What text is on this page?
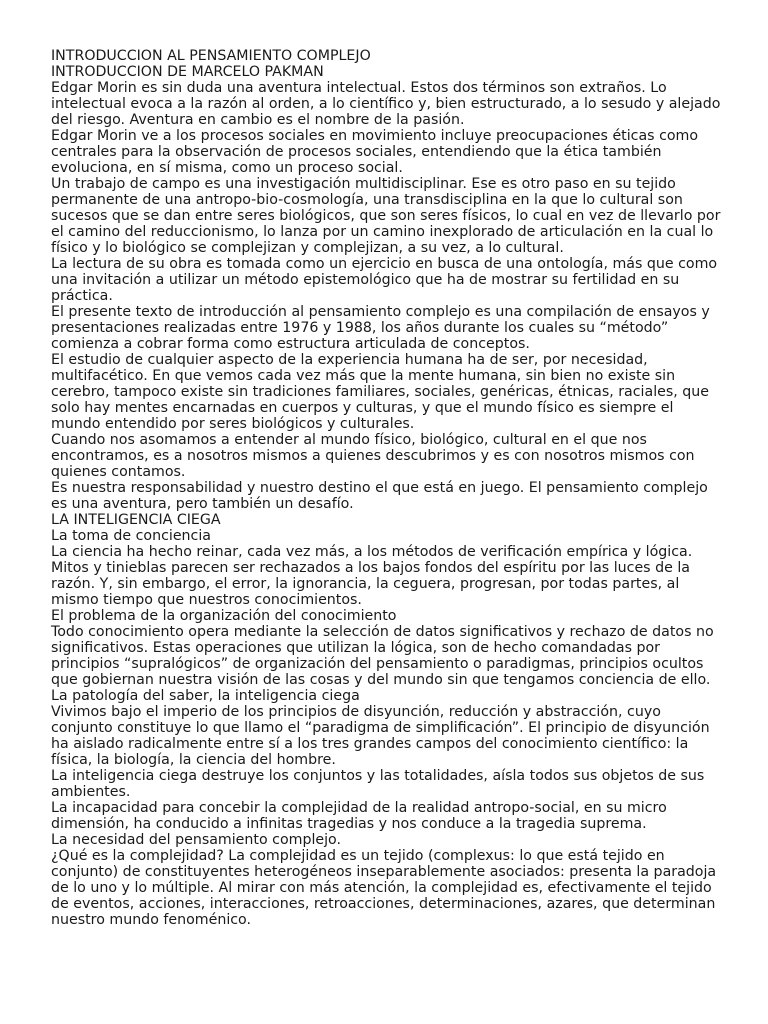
INTRODUCCION AL PENSAMIENTO COMPLEJO

INTRODUCCION DE MARCELO PAKMAN

Edgar Morin es sin duda una aventura intelectual. Estos dos términos son extraños. Lo intelectual evoca a la razón al orden, a lo científico y, bien estructurado, a lo sesudo y alejado del riesgo. Aventura en cambio es el nombre de la pasión.

Edgar Morin ve a los procesos sociales en movimiento incluye preocupaciones éticas como centrales para la observación de procesos sociales, entendiendo que la ética también evoluciona, en sí misma, como un proceso social.

Un trabajo de campo es una investigación multidisciplinar. Ese es otro paso en su tejido permanente de una antropo-bio-cosmología, una transdisciplina en la que lo cultural son sucesos que se dan entre seres biológicos, que son seres físicos, lo cual en vez de llevarlo por el camino del reduccionismo, lo lanza por un camino inexplorado de articulación en la cual lo físico y lo biológico se complejizan y complejizan, a su vez, a lo cultural.

La lectura de su obra es tomada como un ejercicio en busca de una ontología, más que como una invitación a utilizar un método epistemológico que ha de mostrar su fertilidad en su práctica.

El presente texto de introducción al pensamiento complejo es una compilación de ensayos y presentaciones realizadas entre 1976 y 1988, los años durante los cuales su “método” comienza a cobrar forma como estructura articulada de conceptos.

El estudio de cualquier aspecto de la experiencia humana ha de ser, por necesidad, multifacético. En que vemos cada vez más que la mente humana, sin bien no existe sin cerebro, tampoco existe sin tradiciones familiares, sociales, genéricas, étnicas, raciales, que solo hay mentes encarnadas en cuerpos y culturas, y que el mundo físico es siempre el mundo entendido por seres biológicos y culturales.

Cuando nos asomamos a entender al mundo físico, biológico, cultural en el que nos encontramos, es a nosotros mismos a quienes descubrimos y es con nosotros mismos con quienes contamos.

Es nuestra responsabilidad y nuestro destino el que está en juego. El pensamiento complejo es una aventura, pero también un desafío.

LA INTELIGENCIA CIEGA

La toma de conciencia

La ciencia ha hecho reinar, cada vez más, a los métodos de verificación empírica y lógica. Mitos y tinieblas parecen ser rechazados a los bajos fondos del espíritu por las luces de la razón. Y, sin embargo, el error, la ignorancia, la ceguera, progresan, por todas partes, al mismo tiempo que nuestros conocimientos.

El problema de la organización del conocimiento

Todo conocimiento opera mediante la selección de datos significativos y rechazo de datos no significativos. Estas operaciones que utilizan la lógica, son de hecho comandadas por principios “supralógicos” de organización del pensamiento o paradigmas, principios ocultos que gobiernan nuestra visión de las cosas y del mundo sin que tengamos conciencia de ello.

La patología del saber, la inteligencia ciega

Vivimos bajo el imperio de los principios de disyunción, reducción y abstracción, cuyo conjunto constituye lo que llamo el “paradigma de simplificación”. El principio de disyunción ha aislado radicalmente entre sí a los tres grandes campos del conocimiento científico: la física, la biología, la ciencia del hombre.

La inteligencia ciega destruye los conjuntos y las totalidades, aísla todos sus objetos de sus ambientes.

La incapacidad para concebir la complejidad de la realidad antropo-social, en su micro dimensión, ha conducido a infinitas tragedias y nos conduce a la tragedia suprema.

La necesidad del pensamiento complejo.

¿Qué es la complejidad? La complejidad es un tejido (complexus: lo que está tejido en conjunto) de constituyentes heterogéneos inseparablemente asociados: presenta la paradoja de lo uno y lo múltiple. Al mirar con más atención, la complejidad es, efectivamente el tejido de eventos, acciones, interacciones, retroacciones, determinaciones, azares, que determinan nuestro mundo fenoménico.
